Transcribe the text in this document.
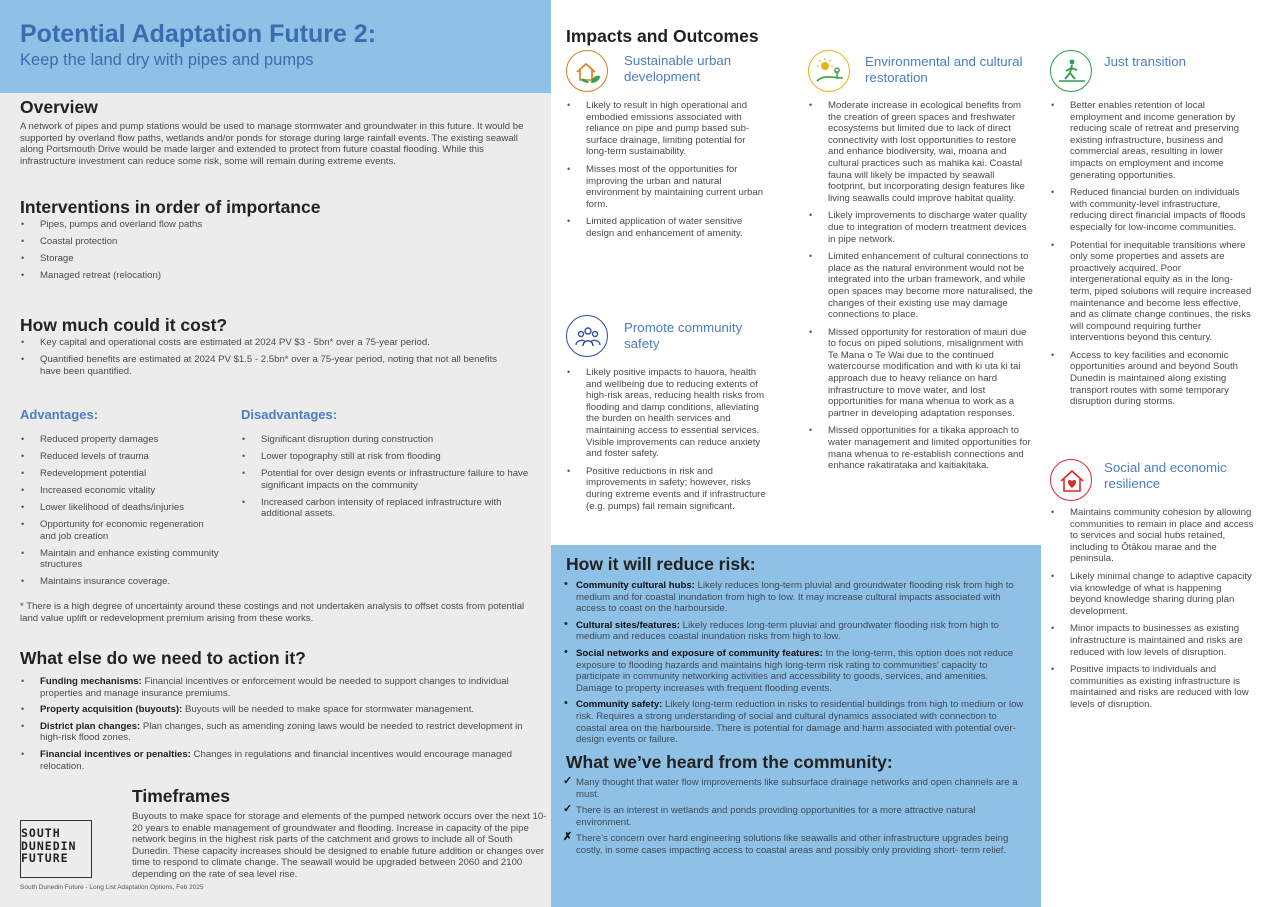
Potential Adaptation Future 2:
Keep the land dry with pipes and pumps
Overview

A network of pipes and pump stations would be used to manage stormwater and groundwater in this future. It would be supported by overland flow paths, wetlands and/or ponds for storage during large rainfall events. The existing seawall along Portsmouth Drive would be made larger and extended to protect from future coastal flooding. While this infrastructure investment can reduce some risk, some will remain during extreme events.

Interventions in order of importance
• Pipes, pumps and overland flow paths
• Coastal protection
• Storage
• Managed retreat (relocation)
How much could it cost?
• Key capital and operational costs are estimated at 2024 PV $3 - 5bn* over a 75-year period.
• Quantified benefits are estimated at 2024 PV $1.5 - 2.5bn* over a 75-year period, noting that not all benefits have been quantified.
Advantages:
• Reduced property damages
• Reduced levels of trauma
• Redevelopment potential
• Increased economic vitality
• Lower likelihood of deaths/injuries
• Opportunity for economic regeneration and job creation
• Maintain and enhance existing community structures
• Maintains insurance coverage.
Disadvantages:
• Significant disruption during construction
• Lower topography still at risk from flooding
• Potential for over design events or infrastructure failure to have significant impacts on the community
• Increased carbon intensity of replaced infrastructure with additional assets.

* There is a high degree of uncertainty around these costings and not undertaken analysis to offset costs from potential land value uplift or redevelopment premium arising from these works.

What else do we need to action it?
• Funding mechanisms: Financial incentives or enforcement would be needed to support changes to individual properties and manage insurance premiums.
• Property acquisition (buyouts): Buyouts will be needed to make space for stormwater management.
• District plan changes: Plan changes, such as amending zoning laws would be needed to restrict development in high-risk flood zones.
• Financial incentives or penalties: Changes in regulations and financial incentives would encourage managed relocation.
Timeframes

Buyouts to make space for storage and elements of the pumped network occurs over the next 10-20 years to enable management of groundwater and flooding. Increase in capacity of the pipe network begins in the highest risk parts of the catchment and grows to include all of South Dunedin. These capacity increases should be designed to enable future addition or changes over time to respond to climate change. The seawall would be upgraded between 2060 and 2100 depending on the rate of sea level rise.

SOUTH
DUNEDIN
FUTURE
South Dunedin Future - Long List Adaptation Options, Feb 2025
Impacts and Outcomes
Sustainable urban development
• Likely to result in high operational and embodied emissions associated with reliance on pipe and pump based sub-surface drainage, limiting potential for long-term sustainability.
• Misses most of the opportunities for improving the urban and natural environment by maintaining current urban form.
• Limited application of water sensitive design and enhancement of amenity.
Promote community safety
• Likely positive impacts to hauora, health and wellbeing due to reducing extents of high-risk areas, reducing health risks from flooding and damp conditions, alleviating the burden on health services and maintaining access to essential services. Visible improvements can reduce anxiety and foster safety.
• Positive reductions in risk and improvements in safety; however, risks during extreme events and if infrastructure (e.g. pumps) fail remain significant.
Environmental and cultural restoration
• Moderate increase in ecological benefits from the creation of green spaces and freshwater ecosystems but limited due to lack of direct connectivity with lost opportunities to restore and enhance biodiversity, wai, moana and cultural practices such as mahika kai. Coastal fauna will likely be impacted by seawall footprint, but incorporating design features like living seawalls could improve habitat quality.
• Likely improvements to discharge water quality due to integration of modern treatment devices in pipe network.
• Limited enhancement of cultural connections to place as the natural environment would not be integrated into the urban framework, and while open spaces may become more naturalised, the changes of their existing use may damage connections to place.
• Missed opportunity for restoration of mauri due to focus on piped solutions, misalignment with Te Mana o Te Wai due to the continued watercourse modification and with ki uta ki tai approach due to heavy reliance on hard infrastructure to move water, and lost opportunities for mana whenua to work as a partner in developing adaptation responses.
• Missed opportunities for a tikaka approach to water management and limited opportunities for mana whenua to re-establish connections and enhance rakatirataka and kaitiakitaka.
Just transition
• Better enables retention of local employment and income generation by reducing scale of retreat and preserving existing infrastructure, business and commercial areas, resulting in lower impacts on employment and income generating opportunities.
• Reduced financial burden on individuals with community-level infrastructure, reducing direct financial impacts of floods especially for low-income communities.
• Potential for inequitable transitions where only some properties and assets are proactively acquired. Poor intergenerational equity as in the long- term, piped solutions will require increased maintenance and become less effective, and as climate change continues, the risks will compound requiring further interventions beyond this century.
• Access to key facilities and economic opportunities around and beyond South Dunedin is maintained along existing transport routes with some temporary disruption during storms.
Social and economic resilience
• Maintains community cohesion by allowing communities to remain in place and access to services and social hubs retained, including to Ōtākou marae and the peninsula.
• Likely minimal change to adaptive capacity via knowledge of what is happening beyond knowledge sharing during plan development.
• Minor impacts to businesses as existing infrastructure is maintained and risks are reduced with low levels of disruption.
• Positive impacts to individuals and communities as existing infrastructure is maintained and risks are reduced with low levels of disruption.
How it will reduce risk:
• Community cultural hubs: Likely reduces long-term pluvial and groundwater flooding risk from high to medium and for coastal inundation from high to low. It may increase cultural impacts associated with access to coast on the harbourside.
• Cultural sites/features: Likely reduces long-term pluvial and groundwater flooding risk from high to medium and reduces coastal inundation risks from high to low.
• Social networks and exposure of community features: In the long-term, this option does not reduce exposure to flooding hazards and maintains high long-term risk rating to communities' capacity to participate in community networking activities and accessibility to goods, services, and amenities. Damage to property increases with frequent flooding events.
• Community safety: Likely long-term reduction in risks to residential buildings from high to medium or low risk. Requires a strong understanding of social and cultural dynamics associated with connection to coastal area on the harbourside. There is potential for damage and harm associated with potential over-design events or failure.
What we’ve heard from the community:
✓ Many thought that water flow improvements like subsurface drainage networks and open channels are a must.
✓ There is an interest in wetlands and ponds providing opportunities for a more attractive natural environment.
✗ There’s concern over hard engineering solutions like seawalls and other infrastructure upgrades being costly, in some cases impacting access to coastal areas and possibly only providing short- term relief.
